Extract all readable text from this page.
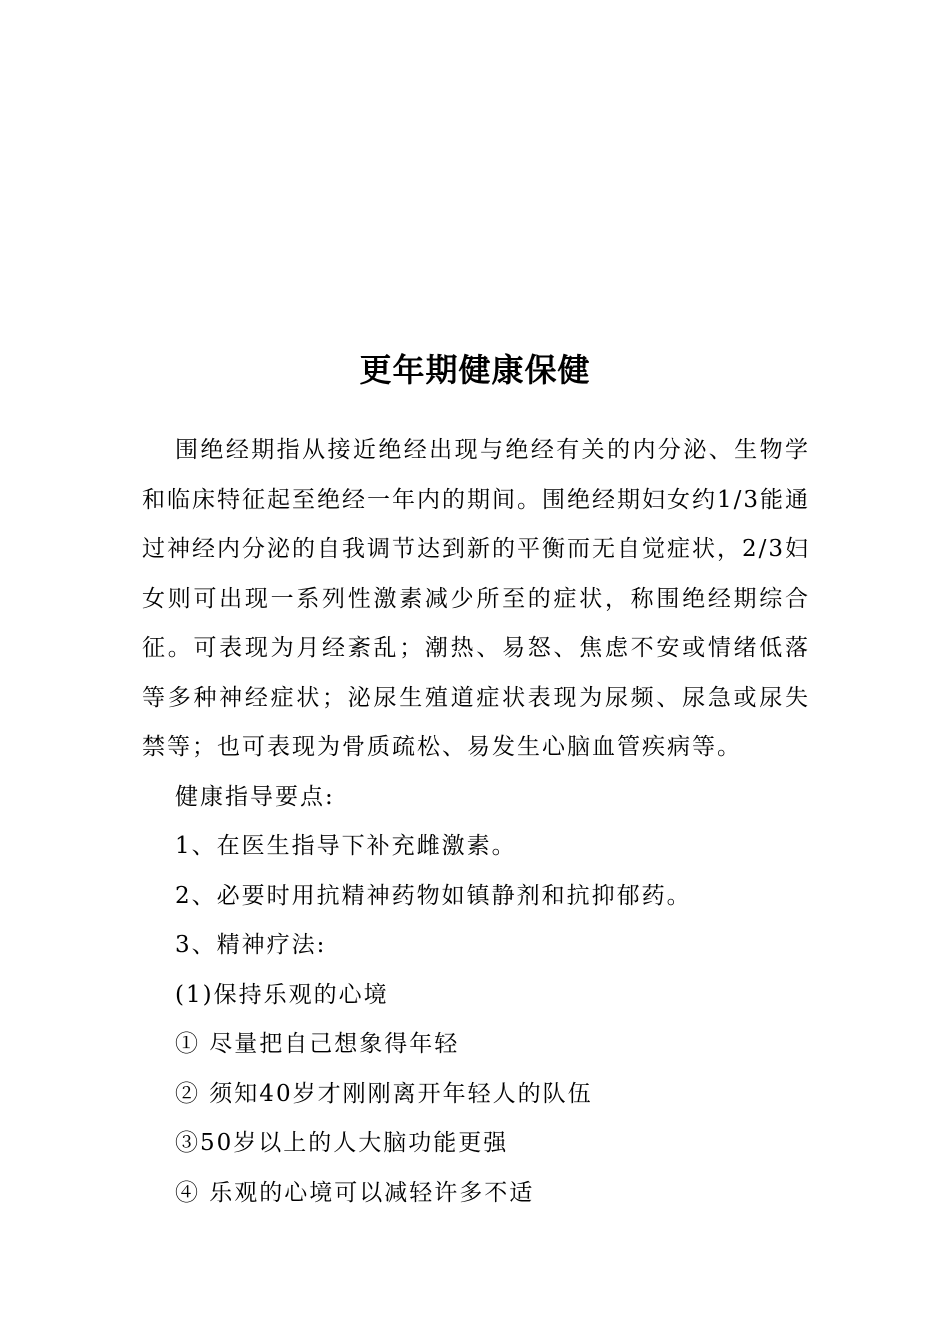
更年期健康保健

围绝经期指从接近绝经出现与绝经有关的内分泌、生物学和临床特征起至绝经一年内的期间。围绝经期妇女约1/3能通过神经内分泌的自我调节达到新的平衡而无自觉症状，2/3妇女则可出现一系列性激素减少所至的症状，称围绝经期综合征。可表现为月经紊乱；潮热、易怒、焦虑不安或情绪低落等多种神经症状；泌尿生殖道症状表现为尿频、尿急或尿失禁等；也可表现为骨质疏松、易发生心脑血管疾病等。

健康指导要点:

1、在医生指导下补充雌激素。

2、必要时用抗精神药物如镇静剂和抗抑郁药。

3、精神疗法:

(1)保持乐观的心境

① 尽量把自己想象得年轻

② 须知40岁才刚刚离开年轻人的队伍

③50岁以上的人大脑功能更强

④ 乐观的心境可以减轻许多不适
